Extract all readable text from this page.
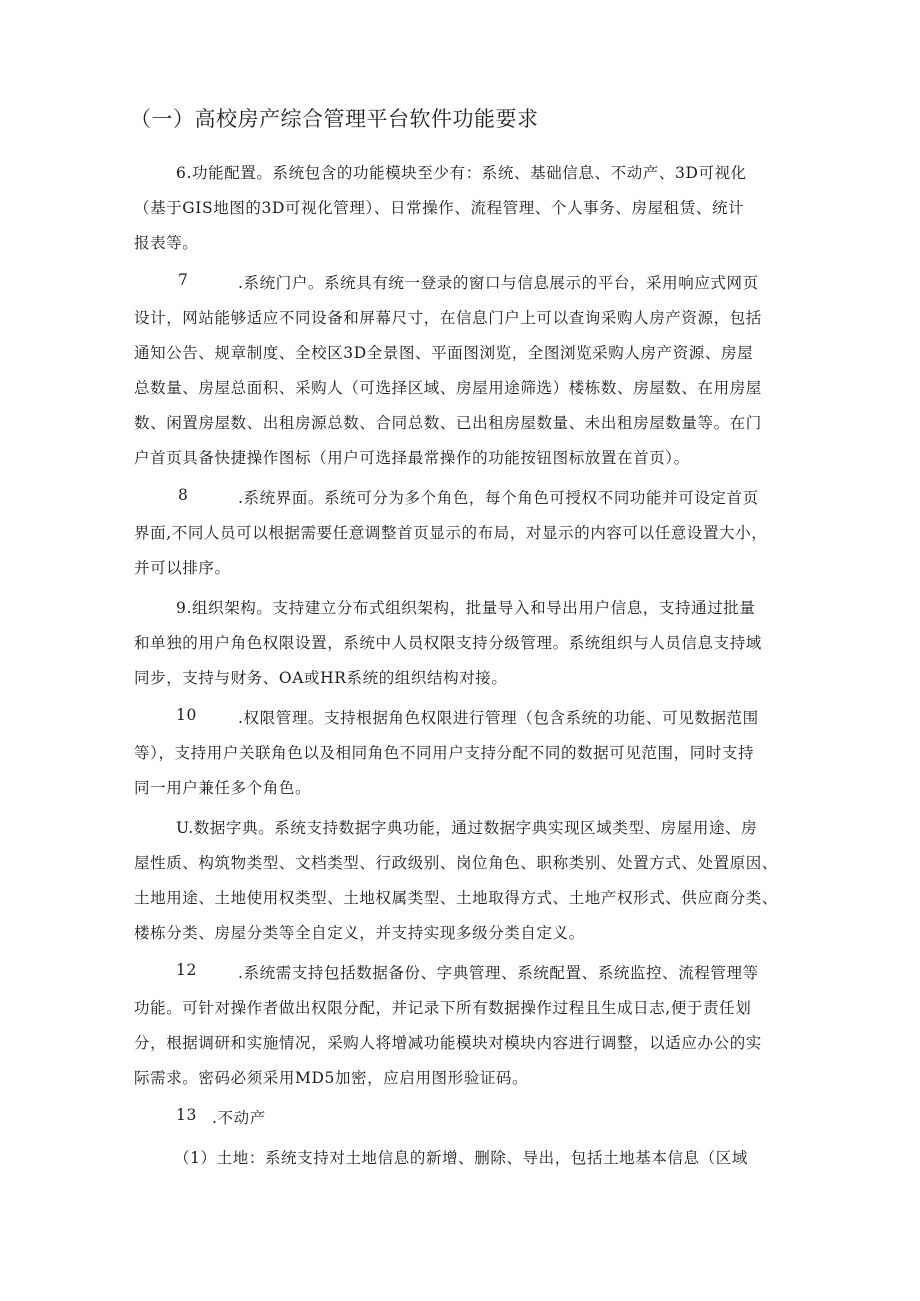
（一）高校房产综合管理平台软件功能要求
6.功能配置。系统包含的功能模块至少有：系统、基础信息、不动产、3D可视化
（基于GIS地图的3D可视化管理）、日常操作、流程管理、个人事务、房屋租赁、统计
报表等。
7	.系统门户。系统具有统一登录的窗口与信息展示的平台，采用响应式网页
设计，网站能够适应不同设备和屏幕尺寸，在信息门户上可以查询采购人房产资源，包括
通知公告、规章制度、全校区3D全景图、平面图浏览，全图浏览采购人房产资源、房屋
总数量、房屋总面积、采购人（可选择区域、房屋用途筛选）楼栋数、房屋数、在用房屋
数、闲置房屋数、出租房源总数、合同总数、已出租房屋数量、未出租房屋数量等。在门
户首页具备快捷操作图标（用户可选择最常操作的功能按钮图标放置在首页）。
8	.系统界面。系统可分为多个角色，每个角色可授权不同功能并可设定首页
界面,不同人员可以根据需要任意调整首页显示的布局，对显示的内容可以任意设置大小，
并可以排序。
9.组织架构。支持建立分布式组织架构，批量导入和导出用户信息，支持通过批量
和单独的用户角色权限设置，系统中人员权限支持分级管理。系统组织与人员信息支持域
同步，支持与财务、OA或HR系统的组织结构对接。
10	.权限管理。支持根据角色权限进行管理（包含系统的功能、可见数据范围
等），支持用户关联角色以及相同角色不同用户支持分配不同的数据可见范围，同时支持
同一用户兼任多个角色。
U.数据字典。系统支持数据字典功能，通过数据字典实现区域类型、房屋用途、房
屋性质、构筑物类型、文档类型、行政级别、岗位角色、职称类别、处置方式、处置原因、
土地用途、土地使用权类型、土地权属类型、土地取得方式、土地产权形式、供应商分类、
楼栋分类、房屋分类等全自定义，并支持实现多级分类自定义。
12	.系统需支持包括数据备份、字典管理、系统配置、系统监控、流程管理等
功能。可针对操作者做出权限分配，并记录下所有数据操作过程且生成日志,便于责任划
分，根据调研和实施情况，采购人将增减功能模块对模块内容进行调整，以适应办公的实
际需求。密码必须采用MD5加密，应启用图形验证码。
13 .不动产
（1）土地：系统支持对土地信息的新增、删除、导出，包括土地基本信息（区域
